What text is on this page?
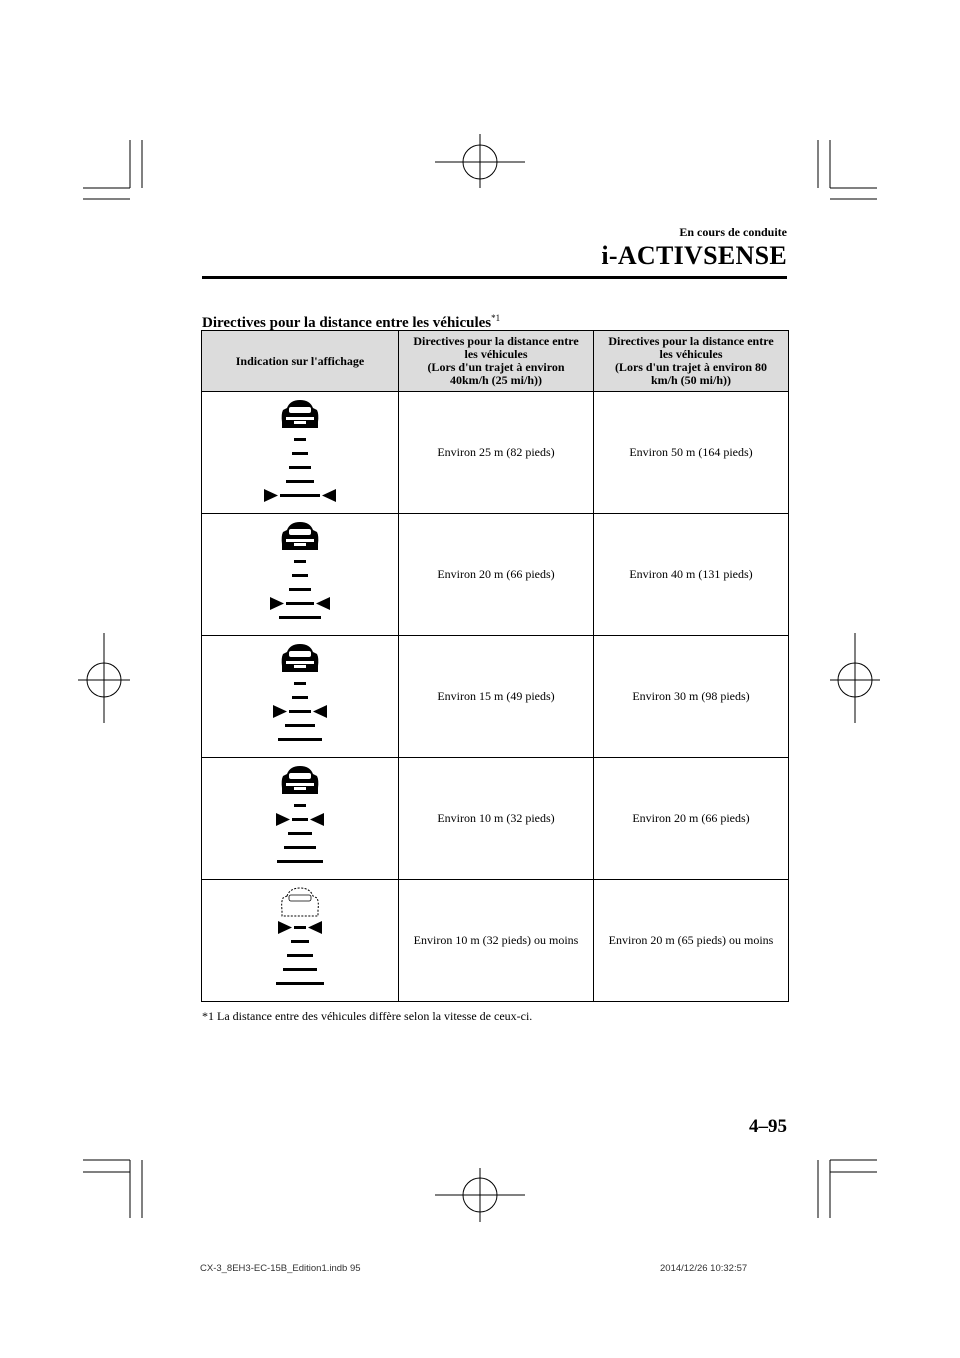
En cours de conduite
i-ACTIVSENSE
Directives pour la distance entre les véhicules$^{*1}$
Indication sur l'affichage	Directives pour la distance entre
les véhicules
(Lors d'un trajet à environ
40km/h (25 mi/h))	Directives pour la distance entre
les véhicules
(Lors d'un trajet à environ 80
km/h (50 mi/h))

	Environ 25 m (82 pieds)	Environ 50 m (164 pieds)

	Environ 20 m (66 pieds)	Environ 40 m (131 pieds)

	Environ 15 m (49 pieds)	Environ 30 m (98 pieds)

	Environ 10 m (32 pieds)	Environ 20 m (66 pieds)

	Environ 10 m (32 pieds) ou moins	Environ 20 m (65 pieds) ou moins
*1 La distance entre des véhicules diffère selon la vitesse de ceux-ci.
4–95
CX-3_8EH3-EC-15B_Edition1.indb 95	2014/12/26 10:32:57
